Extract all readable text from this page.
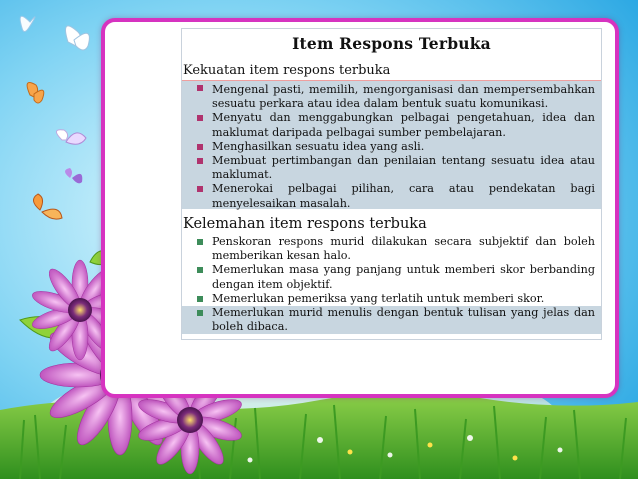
Item Respons Terbuka
Kekuatan item respons terbuka
Mengenal pasti, memilih, mengorganisasi dan mempersembahkan sesuatu perkara atau idea dalam bentuk suatu komunikasi.
Menyatu dan menggabungkan pelbagai pengetahuan, idea dan maklumat daripada pelbagai sumber pembelajaran.
Menghasilkan sesuatu idea yang asli.
Membuat pertimbangan dan penilaian tentang sesuatu idea atau maklumat.
Menerokai pelbagai pilihan, cara atau pendekatan bagi menyelesaikan masalah.
Kelemahan item respons terbuka
Penskoran respons murid dilakukan secara subjektif dan boleh memberikan kesan halo.
Memerlukan masa yang panjang untuk memberi skor berbanding dengan item objektif.
Memerlukan pemeriksa yang terlatih untuk memberi skor.
Memerlukan murid menulis dengan bentuk tulisan yang jelas dan boleh dibaca.
